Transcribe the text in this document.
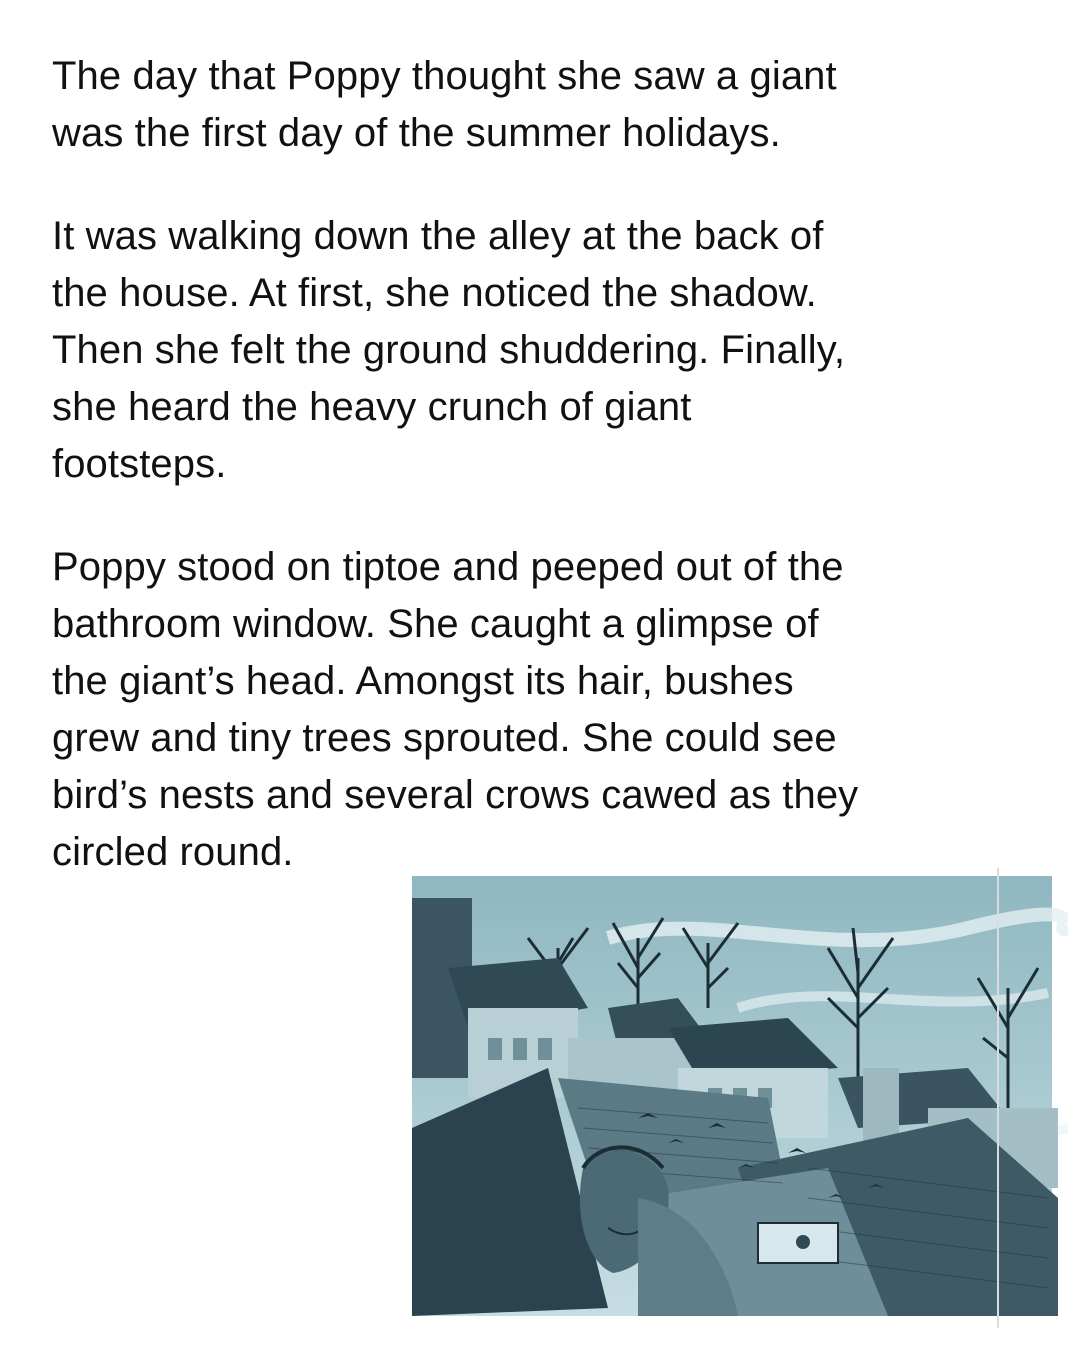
The day that Poppy thought she saw a giant
was the first day of the summer holidays.

It was walking down the alley at the back of
the house. At first, she noticed the shadow.
Then she felt the ground shuddering. Finally,
she heard the heavy crunch of giant
footsteps.

Poppy stood on tiptoe and peeped out of the
bathroom window. She caught a glimpse of
the giant’s head. Amongst its hair, bushes
grew and tiny trees sprouted. She could see
bird’s nests and several crows cawed as they
circled round.
